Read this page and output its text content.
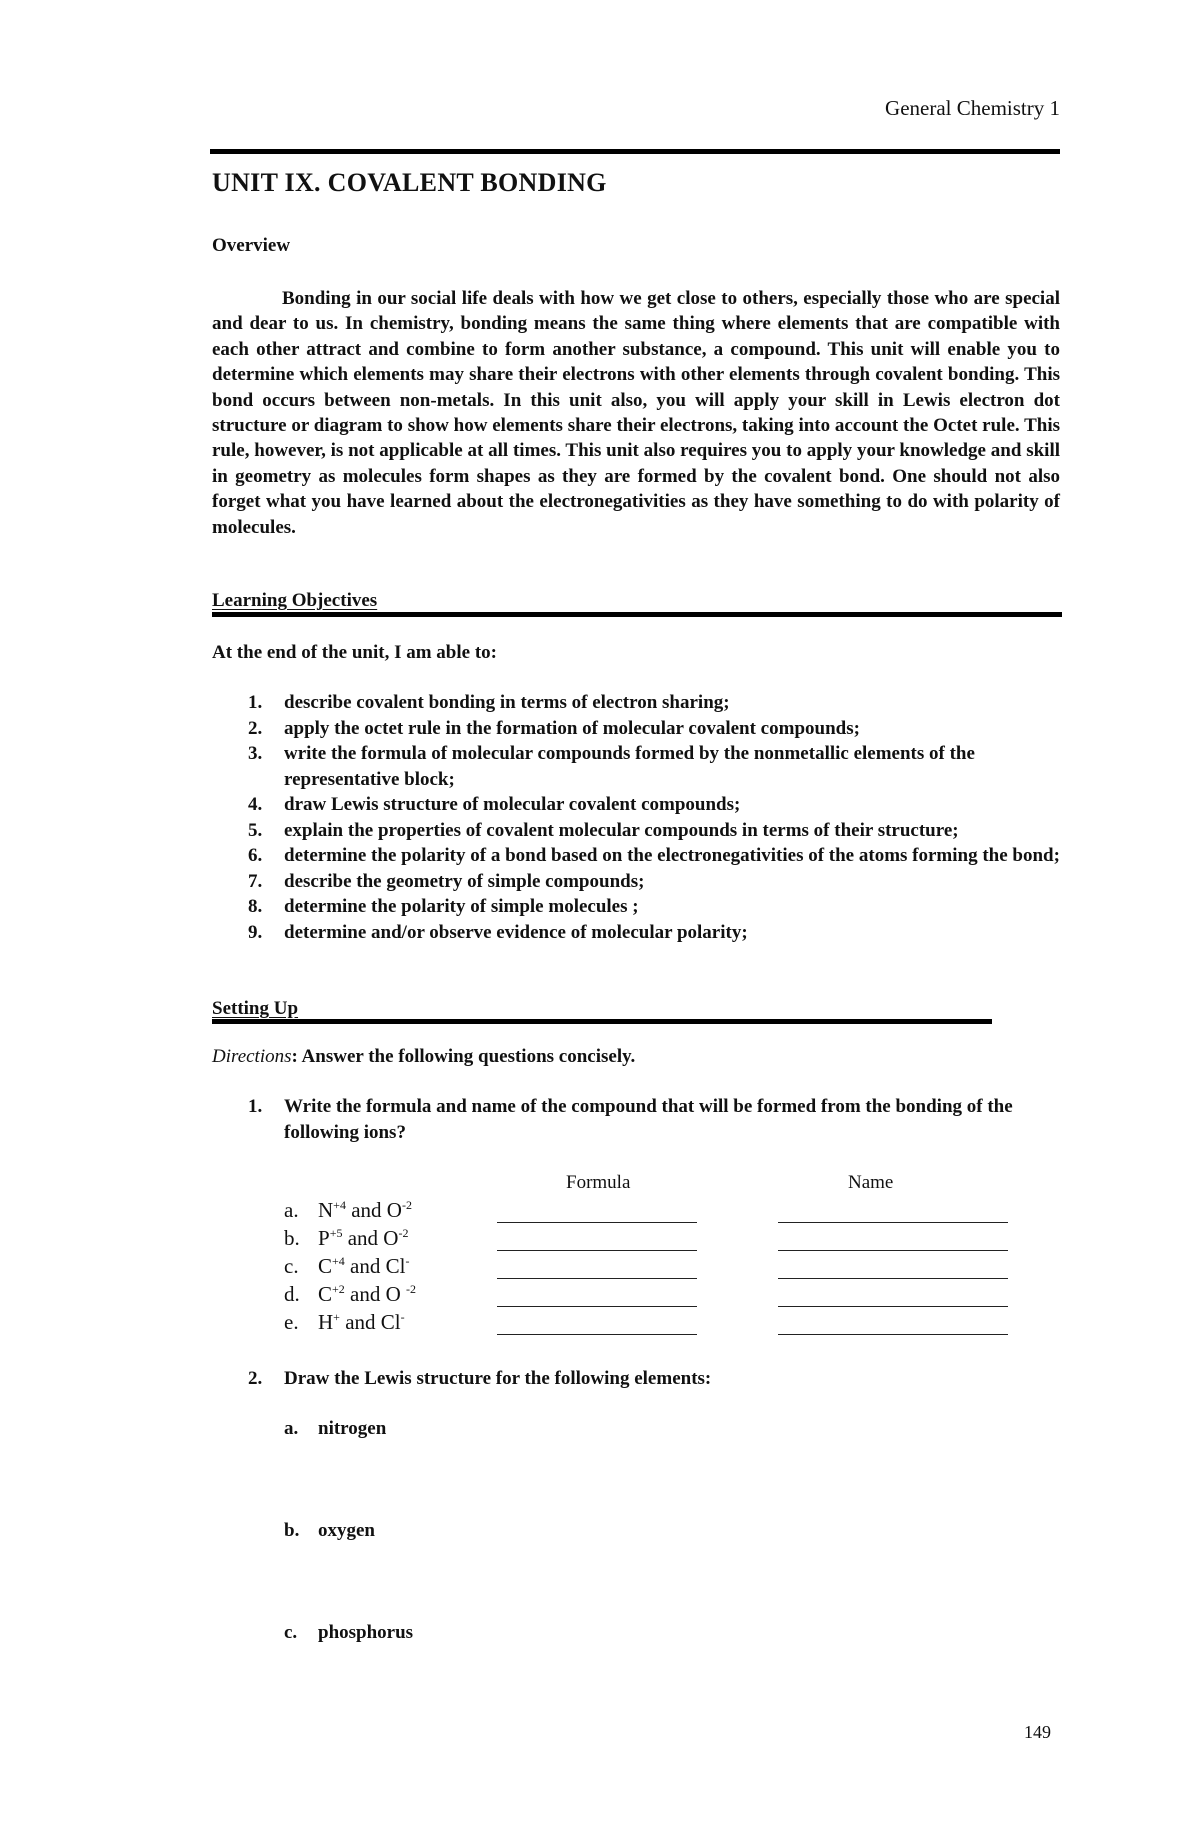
General Chemistry 1
UNIT IX. COVALENT BONDING
Overview
Bonding in our social life deals with how we get close to others, especially those who are special and dear to us. In chemistry, bonding means the same thing where elements that are compatible with each other attract and combine to form another substance, a compound. This unit will enable you to determine which elements may share their electrons with other elements through covalent bonding. This bond occurs between non-metals. In this unit also, you will apply your skill in Lewis electron dot structure or diagram to show how elements share their electrons, taking into account the Octet rule. This rule, however, is not applicable at all times. This unit also requires you to apply your knowledge and skill in geometry as molecules form shapes as they are formed by the covalent bond. One should not also forget what you have learned about the electronegativities as they have something to do with polarity of molecules.
Learning Objectives
At the end of the unit, I am able to:
1. describe covalent bonding in terms of electron sharing;
2. apply the octet rule in the formation of molecular covalent compounds;
3. write the formula of molecular compounds formed by the nonmetallic elements of the representative block;
4. draw Lewis structure of molecular covalent compounds;
5. explain the properties of covalent molecular compounds in terms of their structure;
6. determine the polarity of a bond based on the electronegativities of the atoms forming the bond;
7. describe the geometry of simple compounds;
8. determine the polarity of simple molecules ;
9. determine and/or observe evidence of molecular polarity;
Setting Up
Directions: Answer the following questions concisely.
1. Write the formula and name of the compound that will be formed from the bonding of the following ions?
Formula	Name
a. $N^{+4}$ and $O^{-2}$
b. $P^{+5}$ and $O^{-2}$
c. $C^{+4}$ and Cl-
d. $C^{+2}$ and O $^{-2}$
e. H+ and Cl-
2. Draw the Lewis structure for the following elements:
a. nitrogen
b. oxygen
c. phosphorus
149
